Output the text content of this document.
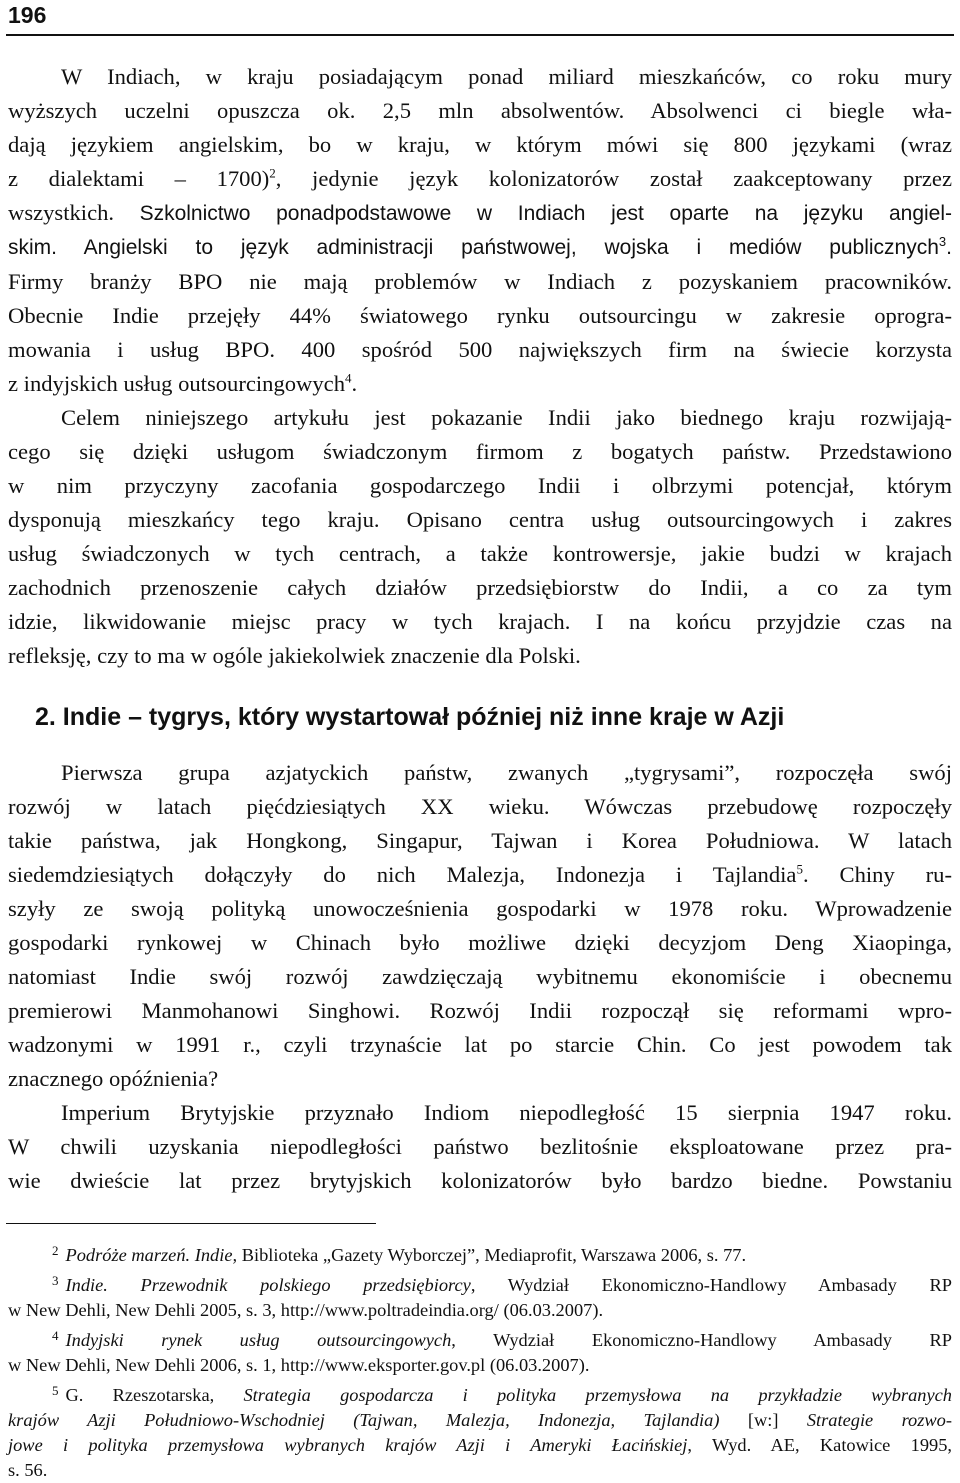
196

W Indiach, w kraju posiadającym ponad miliard mieszkańców, co roku mury
wyższych uczelni opuszcza ok. 2,5 mln absolwentów. Absolwenci ci biegle wła-
dają językiem angielskim, bo w kraju, w którym mówi się 800 językami (wraz
z dialektami – 1700)$^2$, jedynie język kolonizatorów został zaakceptowany przez
wszystkich. Szkolnictwo ponadpodstawowe w Indiach jest oparte na języku angiel-
skim. Angielski to język administracji państwowej, wojska i mediów publicznych$^3$.
Firmy branży BPO nie mają problemów w Indiach z pozyskaniem pracowników.
Obecnie Indie przejęły 44% światowego rynku outsourcingu w zakresie oprogra-
mowania i usług BPO. 400 spośród 500 największych firm na świecie korzysta
z indyjskich usług outsourcingowych$^4$.

Celem niniejszego artykułu jest pokazanie Indii jako biednego kraju rozwijają-
cego się dzięki usługom świadczonym firmom z bogatych państw. Przedstawiono
w nim przyczyny zacofania gospodarczego Indii i olbrzymi potencjał, którym
dysponują mieszkańcy tego kraju. Opisano centra usług outsourcingowych i zakres
usług świadczonych w tych centrach, a także kontrowersje, jakie budzi w krajach
zachodnich przenoszenie całych działów przedsiębiorstw do Indii, a co za tym
idzie, likwidowanie miejsc pracy w tych krajach. I na końcu przyjdzie czas na
refleksję, czy to ma w ogóle jakiekolwiek znaczenie dla Polski.

2. Indie – tygrys, który wystartował później niż inne kraje w Azji

Pierwsza grupa azjatyckich państw, zwanych „tygrysami”, rozpoczęła swój
rozwój w latach pięćdziesiątych XX wieku. Wówczas przebudowę rozpoczęły
takie państwa, jak Hongkong, Singapur, Tajwan i Korea Południowa. W latach
siedemdziesiątych dołączyły do nich Malezja, Indonezja i Tajlandia$^5$. Chiny ru-
szyły ze swoją polityką unowocześnienia gospodarki w 1978 roku. Wprowadzenie
gospodarki rynkowej w Chinach było możliwe dzięki decyzjom Deng Xiaopinga,
natomiast Indie swój rozwój zawdzięczają wybitnemu ekonomiście i obecnemu
premierowi Manmohanowi Singhowi. Rozwój Indii rozpoczął się reformami wpro-
wadzonymi w 1991 r., czyli trzynaście lat po starcie Chin. Co jest powodem tak
znacznego opóźnienia?

Imperium Brytyjskie przyznało Indiom niepodległość 15 sierpnia 1947 roku.
W chwili uzyskania niepodległości państwo bezlitośnie eksploatowane przez pra-
wie dwieście lat przez brytyjskich kolonizatorów było bardzo biedne. Powstaniu

$^2$ Podróże marzeń. Indie, Biblioteka „Gazety Wyborczej”, Mediaprofit, Warszawa 2006, s. 77.

$^3$ Indie. Przewodnik polskiego przedsiębiorcy, Wydział Ekonomiczno-Handlowy Ambasady RP
w New Dehli, New Dehli 2005, s. 3, http://www.poltradeindia.org/ (06.03.2007).

$^4$ Indyjski rynek usług outsourcingowych, Wydział Ekonomiczno-Handlowy Ambasady RP
w New Dehli, New Dehli 2006, s. 1, http://www.eksporter.gov.pl (06.03.2007).

$^5$ G. Rzeszotarska, Strategia gospodarcza i polityka przemysłowa na przykładzie wybranych
krajów Azji Południowo-Wschodniej (Tajwan, Malezja, Indonezja, Tajlandia) [w:] Strategie rozwo-
jowe i polityka przemysłowa wybranych krajów Azji i Ameryki Łacińskiej, Wyd. AE, Katowice 1995,
s. 56.
